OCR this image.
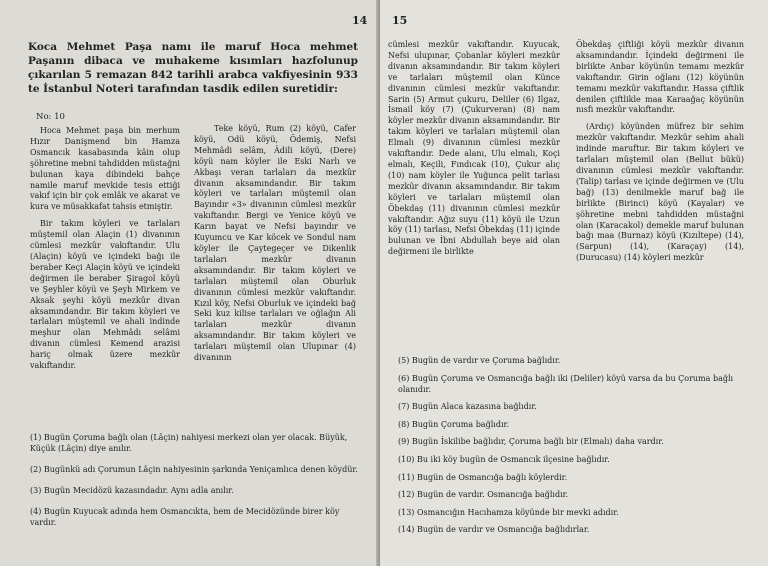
14
Koca Mehmet Paşa namı ile maruf Hoca mehmet Paşanın dibaca ve muhakeme kısımları hazfolunup çıkarılan 5 remazan 842 tarihli arabca vakfiyesinin 933 te İstanbul Noteri tarafından tasdik edilen suretidir:
No: 10

Hoca Mehmet paşa bin merhum Hızır Danişmend bin Hamza Osmancık kasabasında kâin olup şöhretine mebni tahdidden müstağni bulunan kaya dibindeki bahçe namile maruf mevkide tesis ettiği vakıf için bir çok emlâk ve akarat ve kura ve müsakkafat tahsis etmiştir.

Bir takım köyleri ve tarlaları müştemil olan Alaçin (1) divanının cümlesi mezkûr vakıftandır. Ulu (Alaçin) köyü ve içindeki bağı ile beraber Keçi Alaçin köyü ve içindeki değirmen ile beraber Şiragol köyü ve Şeyhler köyü ve Şeyh Mirkem ve Aksak şeyhi köyü mezkûr divan aksamındandır. Bir takım köyleri ve tarlaları müştemil ve ahali indinde meşhur olan Mehmâdı selâmi divanın cümlesi Kemend arazisi hariç olmak üzere mezkûr vakıftandır.

Teke köyü, Rum (2) köyü, Cafer köyü, Odü köyü, Ödemiş, Nefsi Mehmâdi selâm, Âdili köyü, (Dere) köyü nam köyler ile Eski Narlı ve Akbaşı veran tarlaları da mezkûr divanın aksamındandır. Bir takım köyleri ve tarlaları müştemil olan Bayındır «3» divanının cümlesi mezkûr vakıftandır. Bergi ve Yenice köyü ve Karın bayat ve Nefsi bayındır ve Kuyumcu ve Kar köcek ve Sondul nam köyler ile Çaytegeçer ve Dikenlik tarlaları mezkûr divanın aksamındandır. Bir takım köyleri ve tarlaları müştemil olan Oburluk divanının cümlesi mezkûr vakıftandır. Kızıl köy, Nefsi Oburluk ve içindeki bağ Seki kuz kilise tarlaları ve oğlağın Ali tarlaları mezkûr divanın aksamındandır. Bir takım köyleri ve tarlaları müştemil olan Ulupınar (4) divanının

(1) Bugün Çoruma bağlı olan (Lâçin) nahiyesi merkezi olan yer olacak. Büyük, Küçük (Lâçin) diye anılır.

(2) Bugünkü adı Çorumun Lâçin nahiyesinin şarkında Yeniçamlıca denen köydür.

(3) Bugün Mecidözü kazasındadır. Aynı adla anılır.

(4) Bugün Kuyucak adında hem Osmancıkta, hem de Mecidözünde birer köy vardır.

15

cümlesi mezkûr vakıftandır. Kuyucak, Nefsi ulupınar, Çobanlar köyleri mezkûr divanın aksamındandır. Bir takım köyleri ve tarlaları müştemil olan Künce divanının cümlesi mezkûr vakıftandır. Sarin (5) Armut çukuru, Deliler (6) Ilgaz, İsmail köy (7) (Çukurveran) (8) nam köyler mezkûr divanın aksamındandır. Bir takım köyleri ve tarlaları müştemil olan Elmalı (9) divanının cümlesi mezkûr vakıftandır. Dede alanı, Ulu elmalı, Koçi elmalı, Keçili, Fındıcak (10), Çukur alıç (10) nam köyler ile Yuğunca pelit tarlası mezkûr divanın aksamındandır. Bir takım köyleri ve tarlaları müştemil olan Öbekdaş (11) divanının cümlesi mezkûr vakıftandır. Ağız suyu (11) köyü ile Uzun köy (11) tarlası, Nefsi Öbekdaş (11) içinde bulunan ve İbni Abdullah beye aid olan değirmeni ile birlikte

Öbekdaş çiftliği köyü mezkûr divanın aksamındandır. İçindeki değirmeni ile birlikte Anbar köyünün temamı mezkûr vakıftandır. Girin oğlanı (12) köyünün temamı mezkûr vakıftandır. Hassa çiftlik denilen çiftlikle maa Karaağaç köyünün nısfı mezkûr vakıftandır.

(Ardıç) köyünden müfrez bir sehim mezkûr vakıftandır. Mezkûr sehim ahali indinde maruftur. Bir takım köyleri ve tarlaları müştemil olan (Bellut bükü) divanının cümlesi mezkûr vakıftandır. (Talip) tarlası ve içinde değirmen ve (Ulu bağ) (13) denilmekle maruf bağ ile birlikte (Birinci) köyü (Kayalar) ve şöhretine mebni tahdidden müstağni olan (Karacakol) demekle maruf bulunan bağı maa (Burnaz) köyü (Kızıltepe) (14), (Sarpun) (14), (Karaçay) (14), (Durucasu) (14) köyleri mezkûr

(5) Bugün de vardır ve Çoruma bağlıdır.

(6) Bugün Çoruma ve Osmancığa bağlı iki (Deliler) köyü varsa da bu Çoruma bağlı olanıdır.

(7) Bugün Alaca kazasına bağlıdır.

(8) Bugün Çoruma bağlıdır.

(9) Bugün İskilibe bağlıdır, Çoruma bağlı bir (Elmalı) daha vardır.

(10) Bu iki köy bugün de Osmancık ilçesine bağlıdır.

(11) Bugün de Osmancığa bağlı köylerdir.

(12) Bugün de vardır. Osmancığa bağlıdır.

(13) Osmancığın Hacıhamza köyünde bir mevki adıdır.

(14) Bugün de vardır ve Osmancığa bağlıdırlar.
